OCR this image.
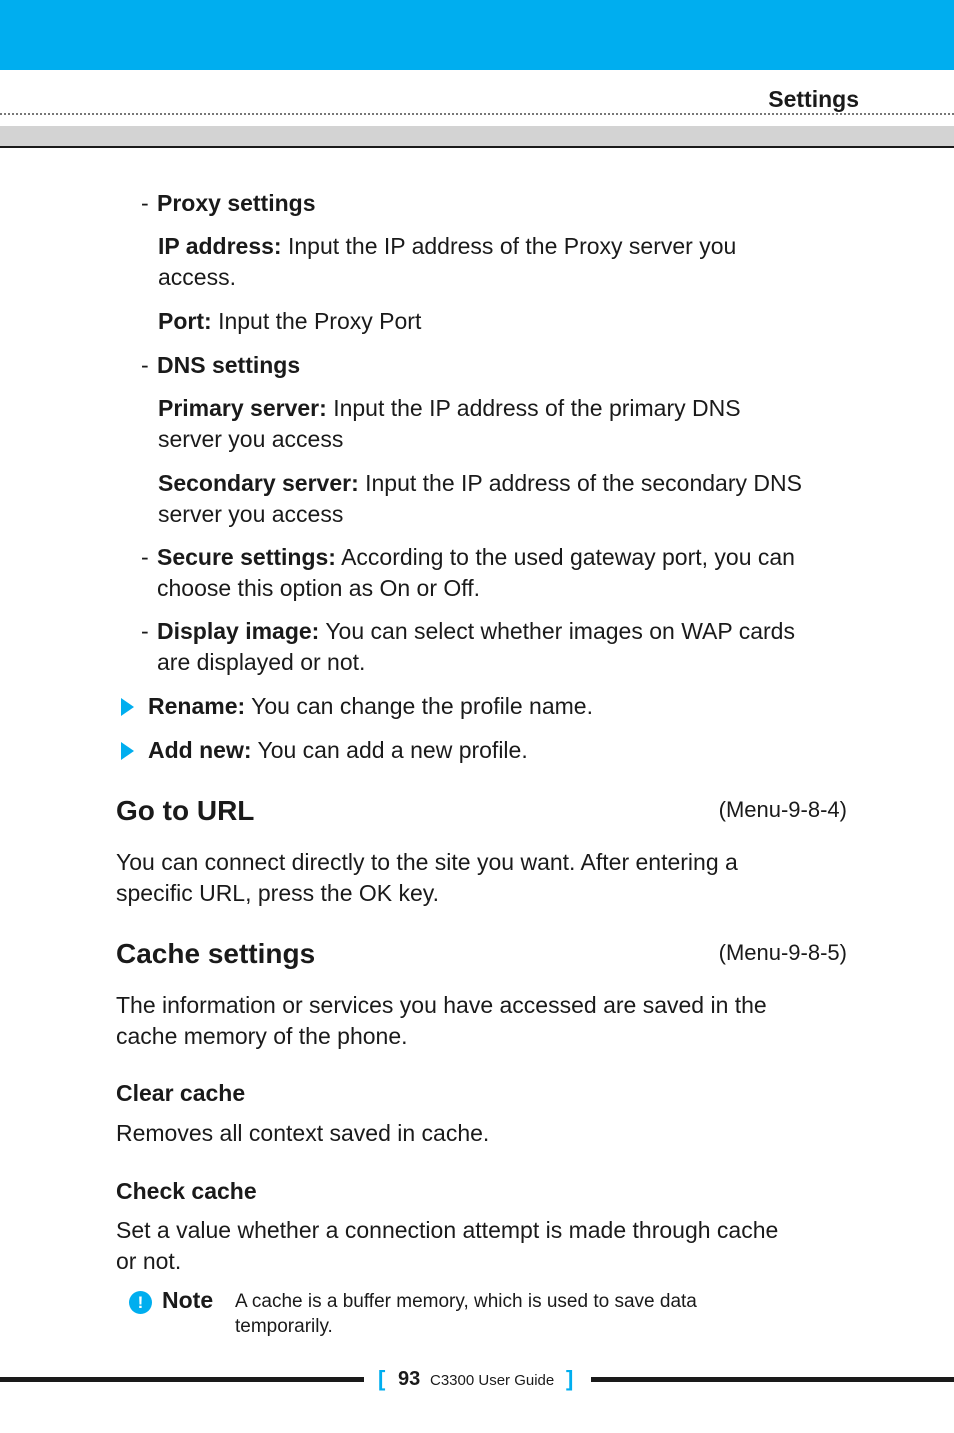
Settings
- Proxy settings

IP address: Input the IP address of the Proxy server you

access.

Port: Input the Proxy Port

- DNS settings

Primary server: Input the IP address of the primary DNS

server you access

Secondary server: Input the IP address of the secondary DNS

server you access

- Secure settings: According to the used gateway port, you can

choose this option as On or Off.

- Display image: You can select whether images on WAP cards

are displayed or not.

Rename: You can change the profile name.

Add new: You can add a new profile.

Go to URL	(Menu-9-8-4)

You can connect directly to the site you want. After entering a

specific URL, press the OK key.

Cache settings	(Menu-9-8-5)

The information or services you have accessed are saved in the

cache memory of the phone.

Clear cache

Removes all context saved in cache.

Check cache

Set a value whether a connection attempt is made through cache

or not.

! Note A cache is a buffer memory, which is used to save data
temporarily.
[ 93 C3300 User Guide ]
